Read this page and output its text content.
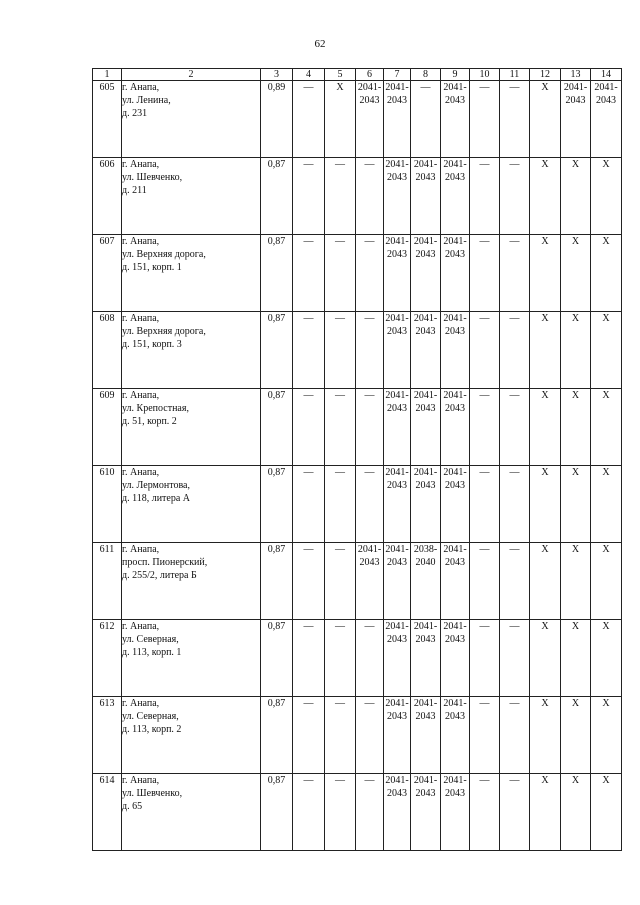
62
1	2	3	4	5	6	7	8	9	10	11	12	13	14
605	г. Анапа,
ул. Ленина,
д. 231	0,89	—	Х	2041-
2043	2041-
2043	—	2041-
2043	—	—	Х	2041-
2043	2041-
2043
606	г. Анапа,
ул. Шевченко,
д. 211	0,87	—	—	—	2041-
2043	2041-
2043	2041-
2043	—	—	Х	Х	Х
607	г. Анапа,
ул. Верхняя дорога,
д. 151, корп. 1	0,87	—	—	—	2041-
2043	2041-
2043	2041-
2043	—	—	Х	Х	Х
608	г. Анапа,
ул. Верхняя дорога,
д. 151, корп. 3	0,87	—	—	—	2041-
2043	2041-
2043	2041-
2043	—	—	Х	Х	Х
609	г. Анапа,
ул. Крепостная,
д. 51, корп. 2	0,87	—	—	—	2041-
2043	2041-
2043	2041-
2043	—	—	Х	Х	Х
610	г. Анапа,
ул. Лермонтова,
д. 118, литера А	0,87	—	—	—	2041-
2043	2041-
2043	2041-
2043	—	—	Х	Х	Х
611	г. Анапа,
просп. Пионерский,
д. 255/2, литера Б	0,87	—	—	2041-
2043	2041-
2043	2038-
2040	2041-
2043	—	—	Х	Х	Х
612	г. Анапа,
ул. Северная,
д. 113, корп. 1	0,87	—	—	—	2041-
2043	2041-
2043	2041-
2043	—	—	Х	Х	Х
613	г. Анапа,
ул. Северная,
д. 113, корп. 2	0,87	—	—	—	2041-
2043	2041-
2043	2041-
2043	—	—	Х	Х	Х
614	г. Анапа,
ул. Шевченко,
д. 65	0,87	—	—	—	2041-
2043	2041-
2043	2041-
2043	—	—	Х	Х	Х
